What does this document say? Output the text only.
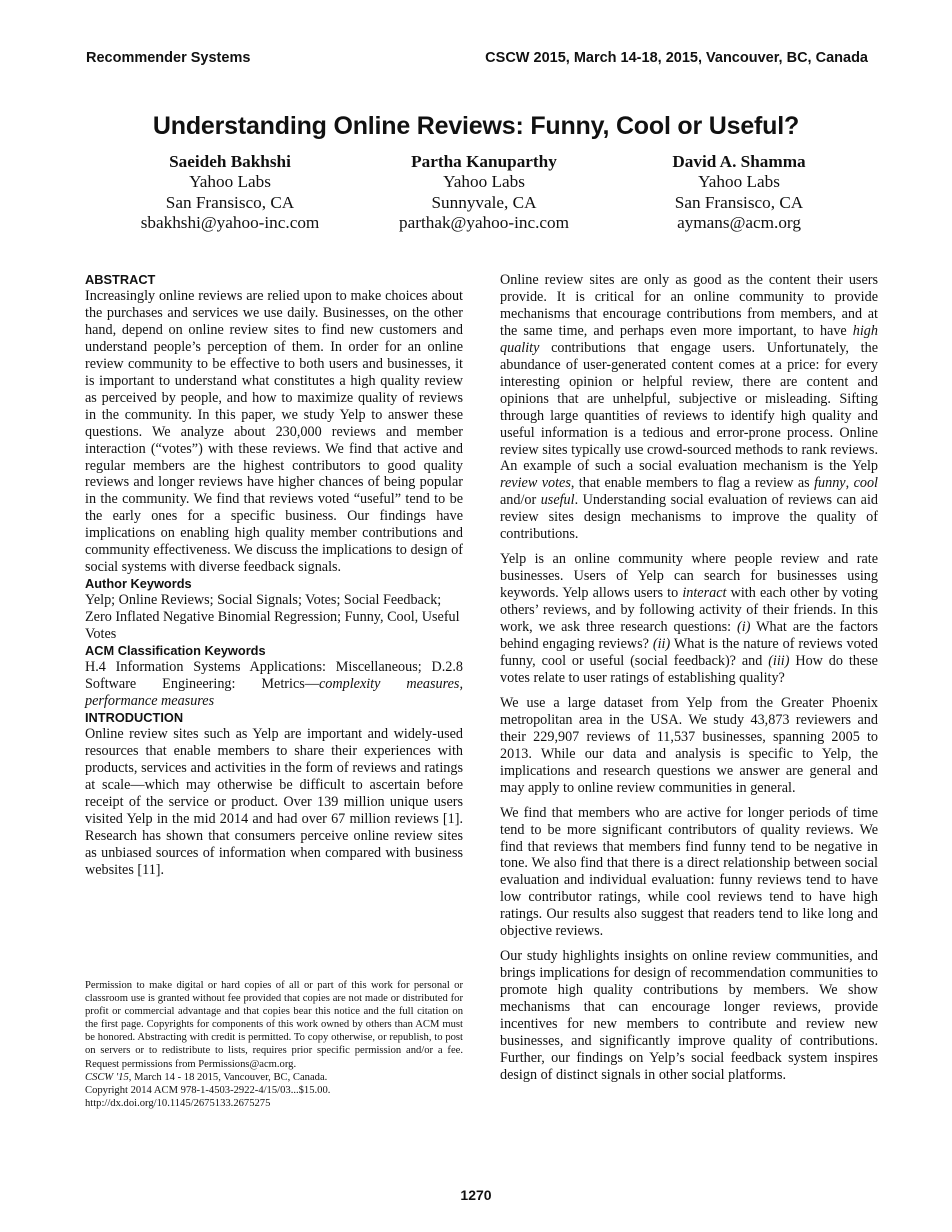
Recommender Systems	CSCW 2015, March 14-18, 2015, Vancouver, BC, Canada
Understanding Online Reviews: Funny, Cool or Useful?
Saeideh Bakhshi
Yahoo Labs
San Fransisco, CA
sbakhshi@yahoo-inc.com
Partha Kanuparthy
Yahoo Labs
Sunnyvale, CA
parthak@yahoo-inc.com
David A. Shamma
Yahoo Labs
San Fransisco, CA
aymans@acm.org
ABSTRACT

Increasingly online reviews are relied upon to make choices about the purchases and services we use daily. Businesses, on the other hand, depend on online review sites to find new customers and understand people’s perception of them. In order for an online review community to be effective to both users and businesses, it is important to understand what constitutes a high quality review as perceived by people, and how to maximize quality of reviews in the community. In this paper, we study Yelp to answer these questions. We analyze about 230,000 reviews and member interaction (“votes”) with these reviews. We find that active and regular members are the highest contributors to good quality reviews and longer reviews have higher chances of being popular in the community. We find that reviews voted “useful” tend to be the early ones for a specific business. Our findings have implications on enabling high quality member contributions and community effectiveness. We discuss the implications to design of social systems with diverse feedback signals.

Author Keywords

Yelp; Online Reviews; Social Signals; Votes; Social Feedback; Zero Inflated Negative Binomial Regression; Funny, Cool, Useful Votes

ACM Classification Keywords

H.4 Information Systems Applications: Miscellaneous; D.2.8 Software Engineering: Metrics—complexity measures, performance measures

INTRODUCTION

Online review sites such as Yelp are important and widely-used resources that enable members to share their experiences with products, services and activities in the form of reviews and ratings at scale—which may otherwise be difficult to ascertain before receipt of the service or product. Over 139 million unique users visited Yelp in the mid 2014 and had over 67 million reviews [1]. Research has shown that consumers perceive online review sites as unbiased sources of information when compared with business websites [11].

Permission to make digital or hard copies of all or part of this work for personal or classroom use is granted without fee provided that copies are not made or distributed for profit or commercial advantage and that copies bear this notice and the full citation on the first page. Copyrights for components of this work owned by others than ACM must be honored. Abstracting with credit is permitted. To copy otherwise, or republish, to post on servers or to redistribute to lists, requires prior specific permission and/or a fee. Request permissions from Permissions@acm.org.
CSCW '15, March 14 - 18 2015, Vancouver, BC, Canada.
Copyright 2014 ACM 978-1-4503-2922-4/15/03...$15.00.
http://dx.doi.org/10.1145/2675133.2675275

Online review sites are only as good as the content their users provide. It is critical for an online community to provide mechanisms that encourage contributions from members, and at the same time, and perhaps even more important, to have high quality contributions that engage users. Unfortunately, the abundance of user-generated content comes at a price: for every interesting opinion or helpful review, there are content and opinions that are unhelpful, subjective or misleading. Sifting through large quantities of reviews to identify high quality and useful information is a tedious and error-prone process. Online review sites typically use crowd-sourced methods to rank reviews. An example of such a social evaluation mechanism is the Yelp review votes, that enable members to flag a review as funny, cool and/or useful. Understanding social evaluation of reviews can aid review sites design mechanisms to improve the quality of contributions.

Yelp is an online community where people review and rate businesses. Users of Yelp can search for businesses using keywords. Yelp allows users to interact with each other by voting others’ reviews, and by following activity of their friends. In this work, we ask three research questions: (i) What are the factors behind engaging reviews? (ii) What is the nature of reviews voted funny, cool or useful (social feedback)? and (iii) How do these votes relate to user ratings of establishing quality?

We use a large dataset from Yelp from the Greater Phoenix metropolitan area in the USA. We study 43,873 reviewers and their 229,907 reviews of 11,537 businesses, spanning 2005 to 2013. While our data and analysis is specific to Yelp, the implications and research questions we answer are general and may apply to online review communities in general.

We find that members who are active for longer periods of time tend to be more significant contributors of quality reviews. We find that reviews that members find funny tend to be negative in tone. We also find that there is a direct relationship between social evaluation and individual evaluation: funny reviews tend to have low contributor ratings, while cool reviews tend to have high ratings. Our results also suggest that readers tend to like long and objective reviews.

Our study highlights insights on online review communities, and brings implications for design of recommendation communities to promote high quality contributions by members. We show mechanisms that can encourage longer reviews, provide incentives for new members to contribute and review new businesses, and significantly improve quality of contributions. Further, our findings on Yelp’s social feedback system inspires design of distinct signals in other social platforms.

1270
